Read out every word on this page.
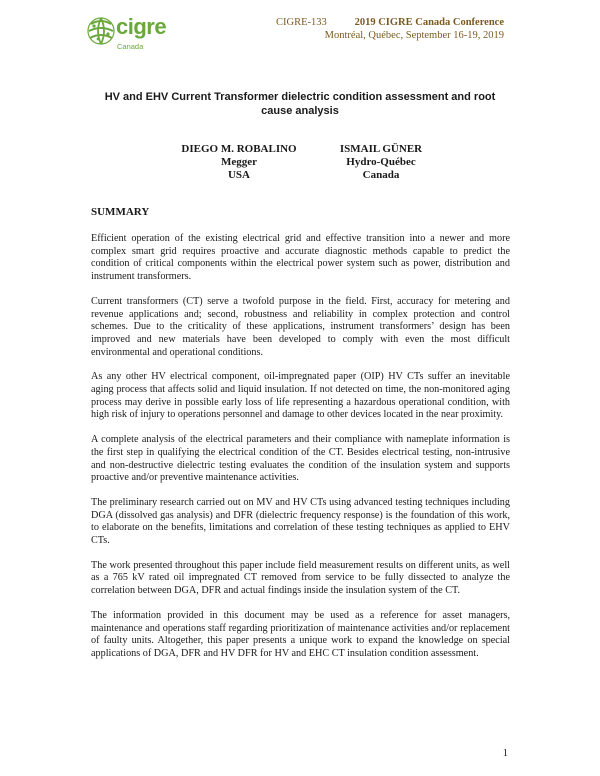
cigre
Canada
CIGRE-133	2019 CIGRE Canada Conference
Montréal, Québec, September 16-19, 2019
HV and EHV Current Transformer dielectric condition assessment and root cause analysis
DIEGO M. ROBALINO
Megger
USA
ISMAIL GÜNER
Hydro-Québec
Canada
SUMMARY

Efficient operation of the existing electrical grid and effective transition into a newer and more complex smart grid requires proactive and accurate diagnostic methods capable to predict the condition of critical components within the electrical power system such as power, distribution and instrument transformers.

Current transformers (CT) serve a twofold purpose in the field. First, accuracy for metering and revenue applications and; second, robustness and reliability in complex protection and control schemes. Due to the criticality of these applications, instrument transformers’ design has been improved and new materials have been developed to comply with even the most difficult environmental and operational conditions.

As any other HV electrical component, oil-impregnated paper (OIP) HV CTs suffer an inevitable aging process that affects solid and liquid insulation. If not detected on time, the non-monitored aging process may derive in possible early loss of life representing a hazardous operational condition, with high risk of injury to operations personnel and damage to other devices located in the near proximity.

A complete analysis of the electrical parameters and their compliance with nameplate information is the first step in qualifying the electrical condition of the CT. Besides electrical testing, non-intrusive and non-destructive dielectric testing evaluates the condition of the insulation system and supports proactive and/or preventive maintenance activities.

The preliminary research carried out on MV and HV CTs using advanced testing techniques including DGA (dissolved gas analysis) and DFR (dielectric frequency response) is the foundation of this work, to elaborate on the benefits, limitations and correlation of these testing techniques as applied to EHV CTs.

The work presented throughout this paper include field measurement results on different units, as well as a 765 kV rated oil impregnated CT removed from service to be fully dissected to analyze the correlation between DGA, DFR and actual findings inside the insulation system of the CT.

The information provided in this document may be used as a reference for asset managers, maintenance and operations staff regarding prioritization of maintenance activities and/or replacement of faulty units. Altogether, this paper presents a unique work to expand the knowledge on special applications of DGA, DFR and HV DFR for HV and EHC CT insulation condition assessment.

1
